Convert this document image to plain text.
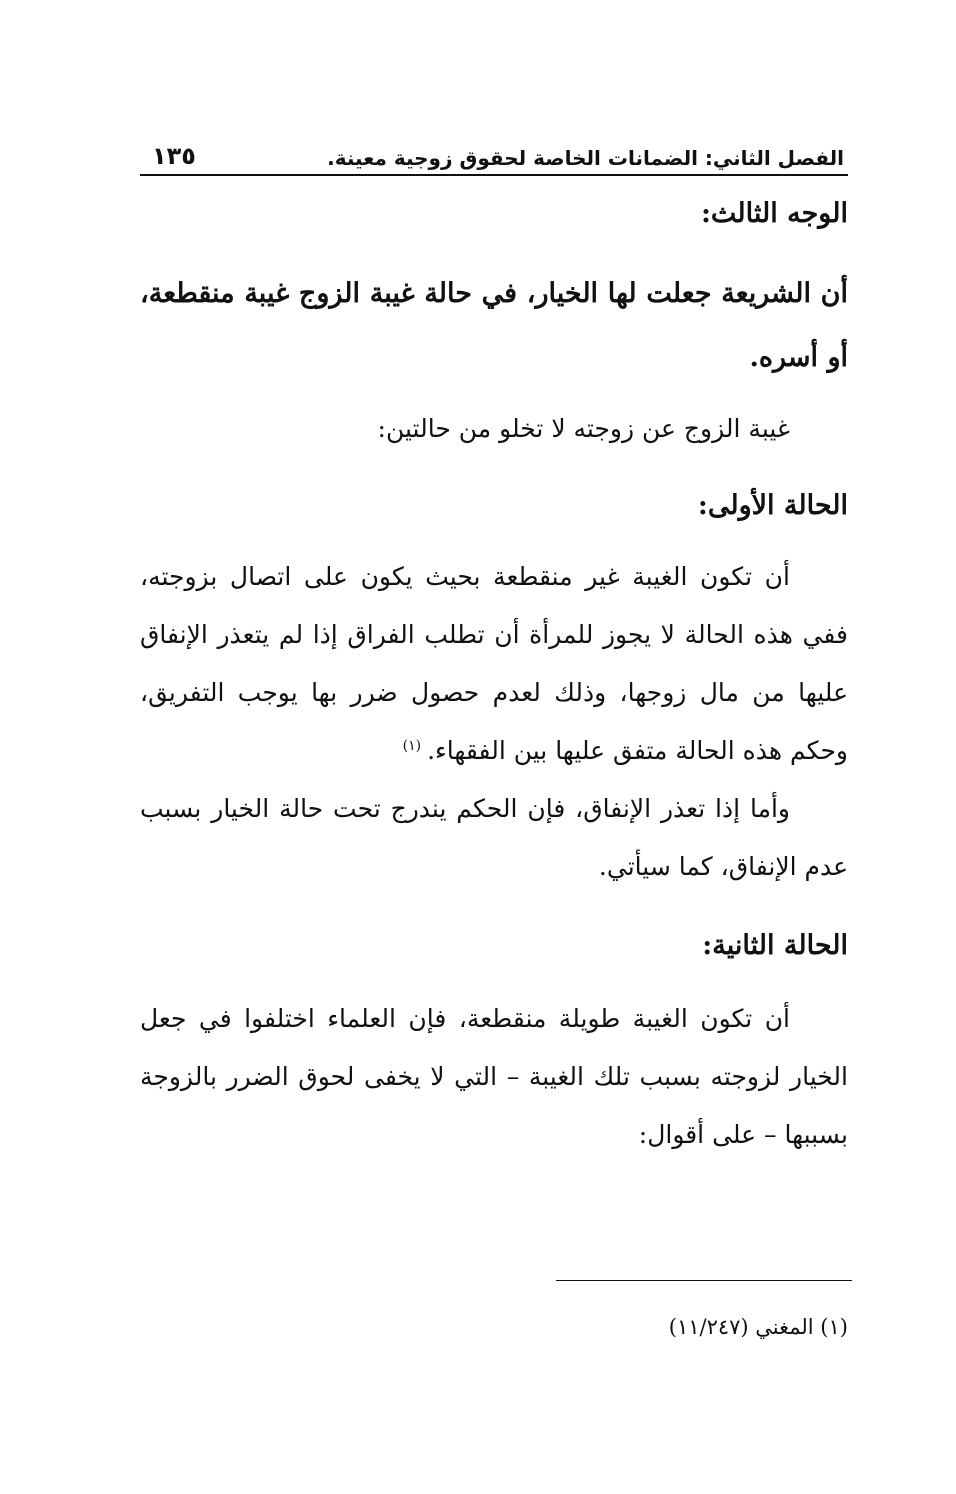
الفصل الثاني: الضمانات الخاصة لحقوق زوجية معينة.
١٣٥
الوجه الثالث:

أن الشريعة جعلت لها الخيار، في حالة غيبة الزوج غيبة منقطعة، أو أسره.

غيبة الزوج عن زوجته لا تخلو من حالتين:

الحالة الأولى:

أن تكون الغيبة غير منقطعة بحيث يكون على اتصال بزوجته، ففي هذه الحالة لا يجوز للمرأة أن تطلب الفراق إذا لم يتعذر الإنفاق عليها من مال زوجها، وذلك لعدم حصول ضرر بها يوجب التفريق، وحكم هذه الحالة متفق عليها بين الفقهاء.$^{(١)}$

وأما إذا تعذر الإنفاق، فإن الحكم يندرج تحت حالة الخيار بسبب عدم الإنفاق، كما سيأتي.

الحالة الثانية:

أن تكون الغيبة طويلة منقطعة، فإن العلماء اختلفوا في جعل الخيار لزوجته بسبب تلك الغيبة – التي لا يخفى لحوق الضرر بالزوجة بسببها – على أقوال:

(١) المغني (١١/٢٤٧)
